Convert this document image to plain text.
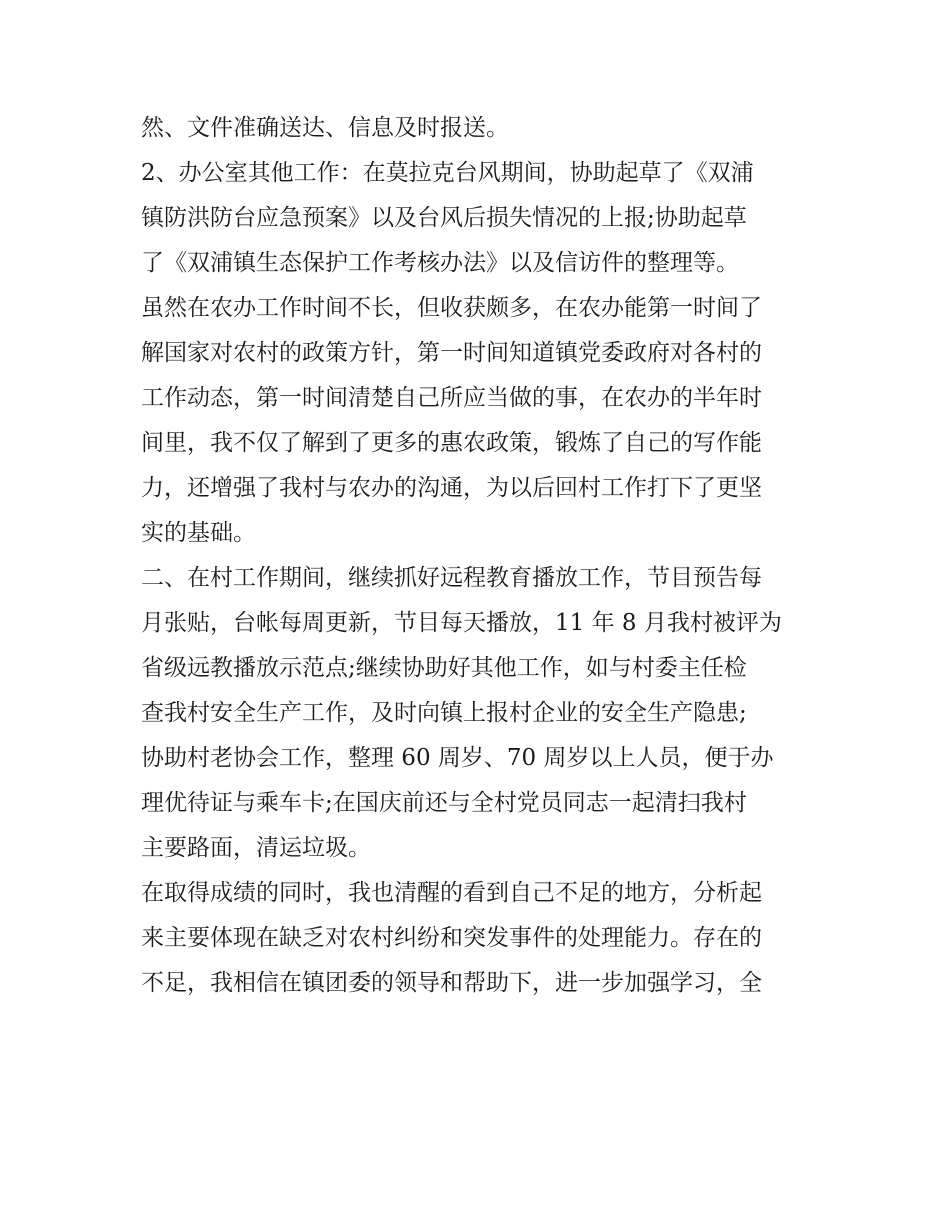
然、文件准确送达、信息及时报送。
2、办公室其他工作：在莫拉克台风期间，协助起草了《双浦
镇防洪防台应急预案》以及台风后损失情况的上报;协助起草
了《双浦镇生态保护工作考核办法》以及信访件的整理等。
虽然在农办工作时间不长，但收获颇多，在农办能第一时间了
解国家对农村的政策方针，第一时间知道镇党委政府对各村的
工作动态，第一时间清楚自己所应当做的事，在农办的半年时
间里，我不仅了解到了更多的惠农政策，锻炼了自己的写作能
力，还增强了我村与农办的沟通，为以后回村工作打下了更坚
实的基础。
二、在村工作期间，继续抓好远程教育播放工作，节目预告每
月张贴，台帐每周更新，节目每天播放，11 年 8 月我村被评为
省级远教播放示范点;继续协助好其他工作，如与村委主任检
查我村安全生产工作，及时向镇上报村企业的安全生产隐患;
协助村老协会工作，整理 60 周岁、70 周岁以上人员，便于办
理优待证与乘车卡;在国庆前还与全村党员同志一起清扫我村
主要路面，清运垃圾。
在取得成绩的同时，我也清醒的看到自己不足的地方，分析起
来主要体现在缺乏对农村纠纷和突发事件的处理能力。存在的
不足，我相信在镇团委的领导和帮助下，进一步加强学习，全
